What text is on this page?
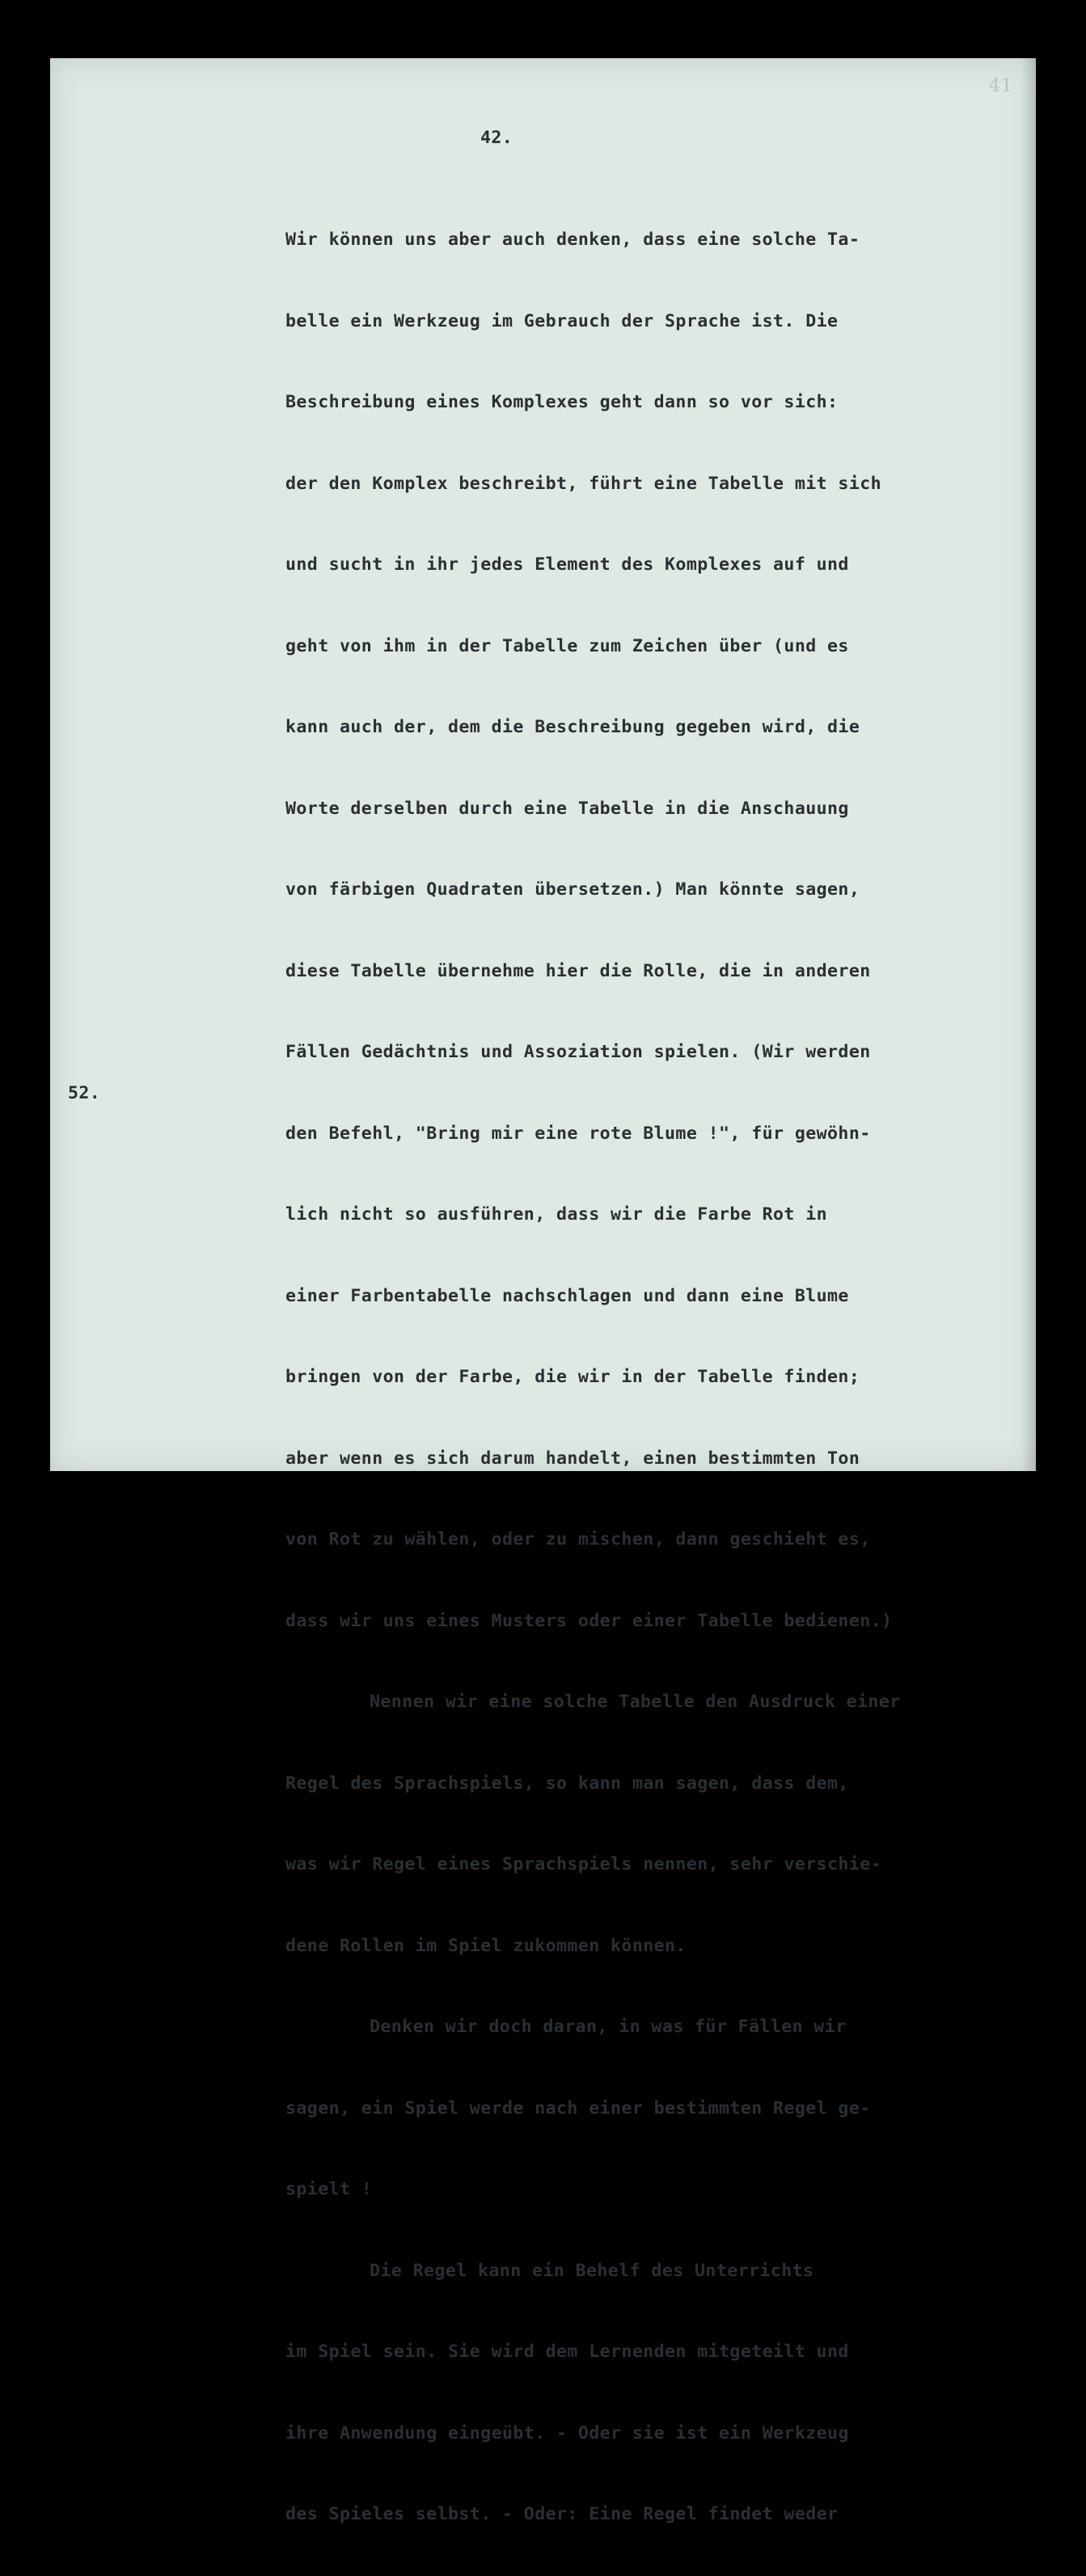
41
42.
52.

Wir können uns aber auch denken, dass eine solche Ta-

belle ein Werkzeug im Gebrauch der Sprache ist. Die

Beschreibung eines Komplexes geht dann so vor sich:

der den Komplex beschreibt, führt eine Tabelle mit sich

und sucht in ihr jedes Element des Komplexes auf und

geht von ihm in der Tabelle zum Zeichen über (und es

kann auch der, dem die Beschreibung gegeben wird, die

Worte derselben durch eine Tabelle in die Anschauung

von färbigen Quadraten übersetzen.) Man könnte sagen,

diese Tabelle übernehme hier die Rolle, die in anderen

Fällen Gedächtnis und Assoziation spielen. (Wir werden

den Befehl, "Bring mir eine rote Blume !", für gewöhn-

lich nicht so ausführen, dass wir die Farbe Rot in

einer Farbentabelle nachschlagen und dann eine Blume

bringen von der Farbe, die wir in der Tabelle finden;

aber wenn es sich darum handelt, einen bestimmten Ton

von Rot zu wählen, oder zu mischen, dann geschieht es,

dass wir uns eines Musters oder einer Tabelle bedienen.)

Nennen wir eine solche Tabelle den Ausdruck einer

Regel des Sprachspiels, so kann man sagen, dass dem,

was wir Regel eines Sprachspiels nennen, sehr verschie-

dene Rollen im Spiel zukommen können.

Denken wir doch daran, in was für Fällen wir

sagen, ein Spiel werde nach einer bestimmten Regel ge-

spielt !

Die Regel kann ein Behelf des Unterrichts

im Spiel sein. Sie wird dem Lernenden mitgeteilt und

ihre Anwendung eingeübt. - Oder sie ist ein Werkzeug

des Spieles selbst. - Oder: Eine Regel findet weder
